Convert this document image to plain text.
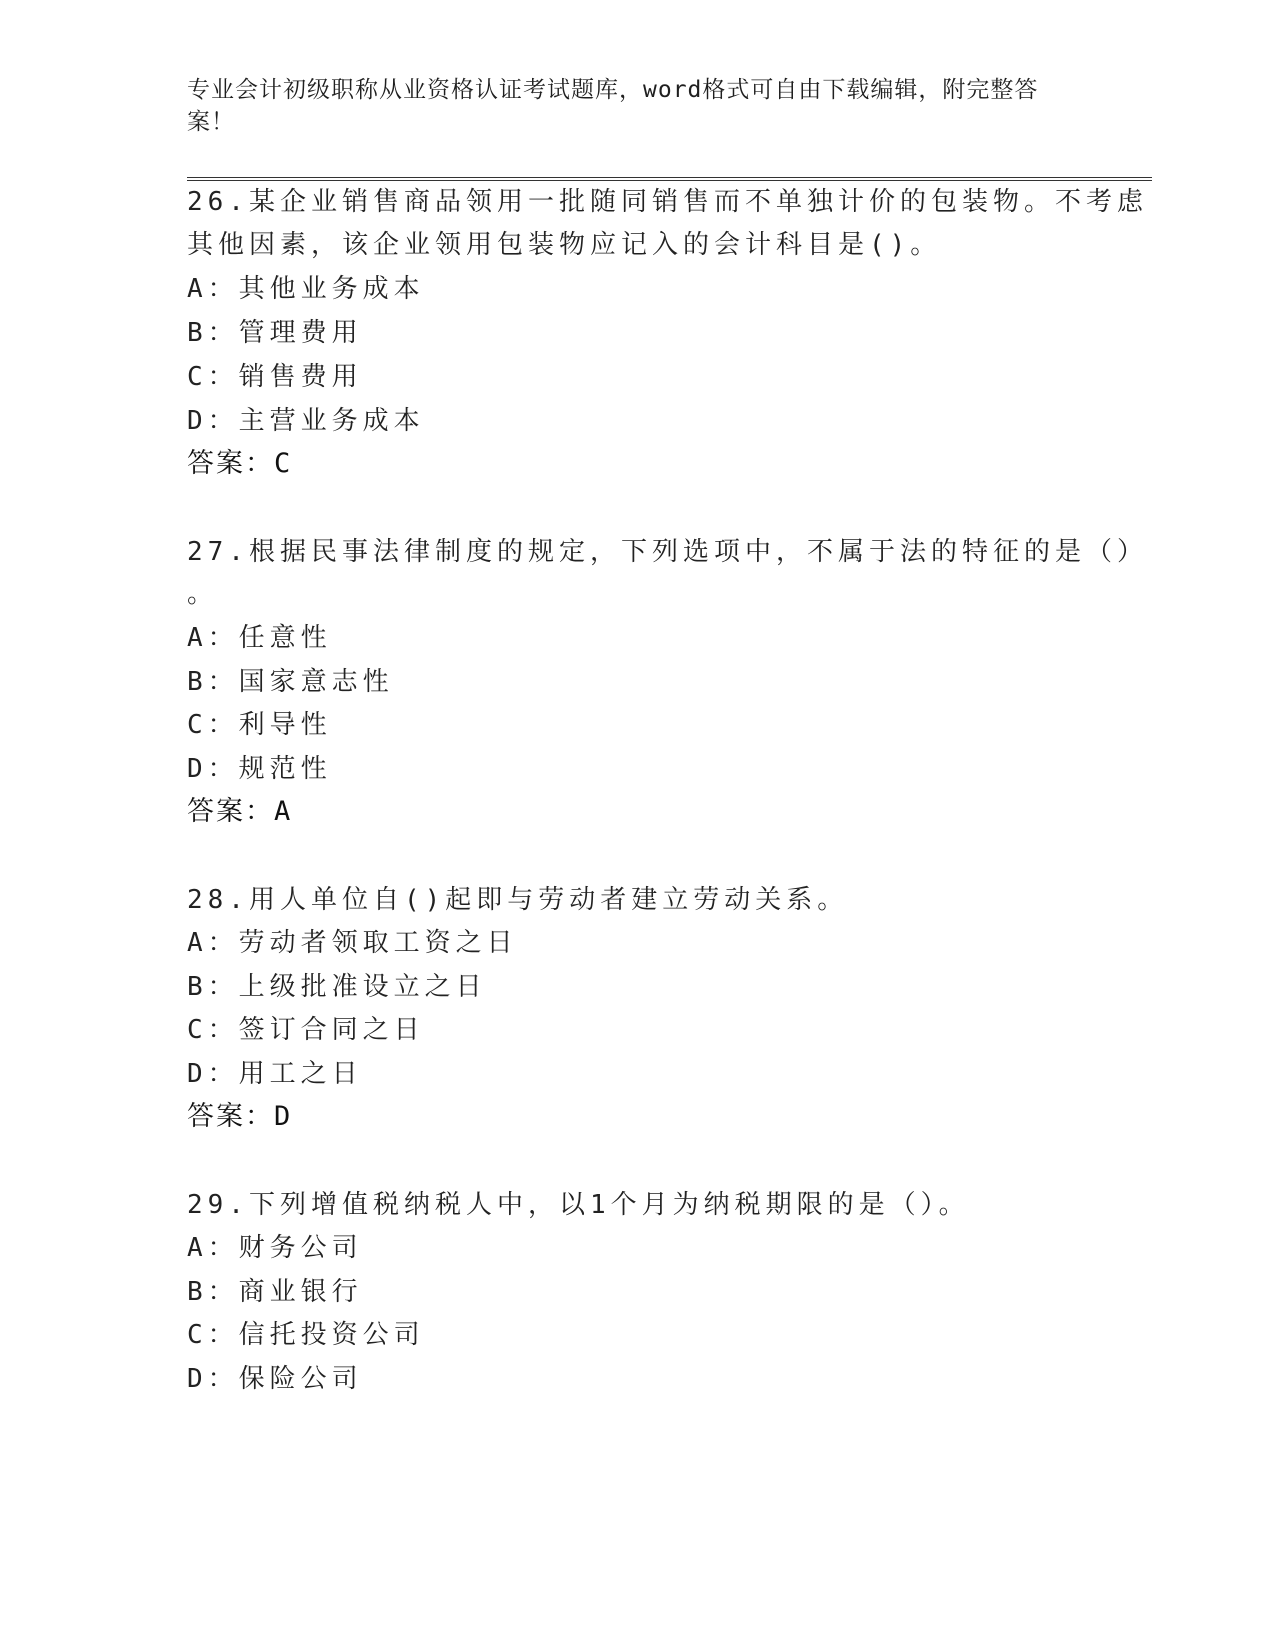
专业会计初级职称从业资格认证考试题库，word格式可自由下载编辑，附完整答
案！

26.某企业销售商品领用一批随同销售而不单独计价的包装物。不考虑
其他因素，该企业领用包装物应记入的会计科目是()。
A：其他业务成本
B：管理费用
C：销售费用
D：主营业务成本
答案：C
27.根据民事法律制度的规定，下列选项中，不属于法的特征的是（）
。
A：任意性
B：国家意志性
C：利导性
D：规范性
答案：A
28.用人单位自()起即与劳动者建立劳动关系。
A：劳动者领取工资之日
B：上级批准设立之日
C：签订合同之日
D：用工之日
答案：D
29.下列增值税纳税人中，以1个月为纳税期限的是（）。
A：财务公司
B：商业银行
C：信托投资公司
D：保险公司
